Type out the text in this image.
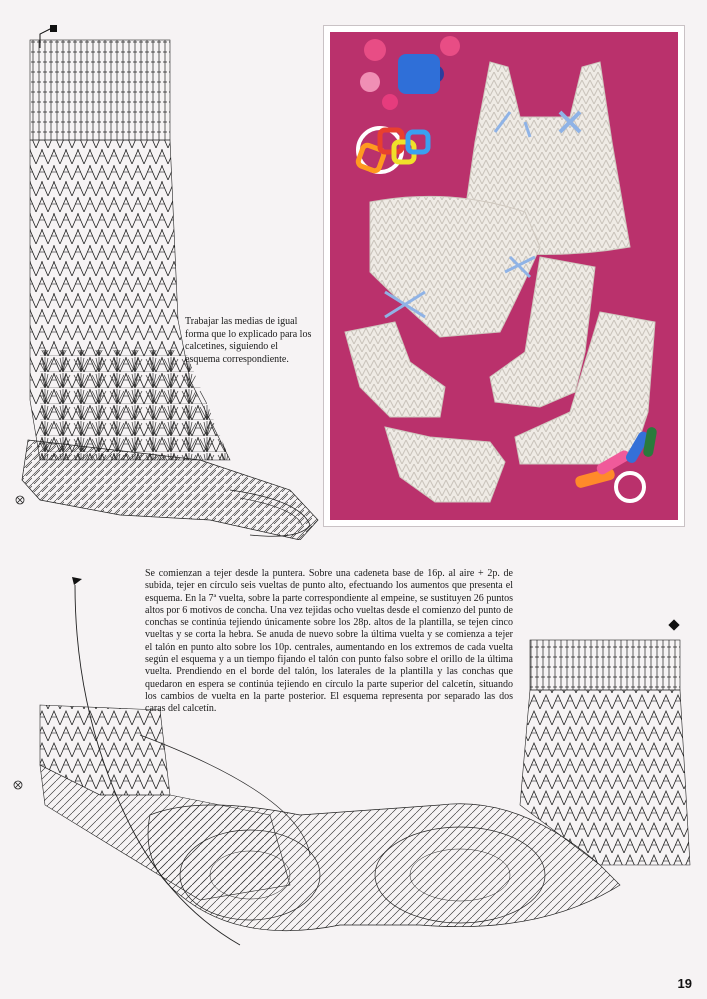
Trabajar las medias de igual forma que lo explicado para los calcetines, siguiendo el esquema correspondiente.
Se comienzan a tejer desde la puntera. Sobre una cadeneta base de 16p. al aire + 2p. de subida, tejer en círculo seis vueltas de punto alto, efectuando los aumentos que presenta el esquema. En la 7ª vuelta, sobre la parte correspondiente al empeine, se sustituyen 26 puntos altos por 6 motivos de concha. Una vez tejidas ocho vueltas desde el comienzo del punto de conchas se continúa tejiendo únicamente sobre los 28p. altos de la plantilla, se tejen cinco vueltas y se corta la hebra. Se anuda de nuevo sobre la última vuelta y se comienza a tejer el talón en punto alto sobre los 10p. centrales, aumentando en los extremos de cada vuelta según el esquema y a un tiempo fijando el talón con punto falso sobre el orillo de la última vuelta. Prendiendo en el borde del talón, los laterales de la plantilla y las conchas que quedaron en espera se continúa tejiendo en círculo la parte superior del calcetín, situando los cambios de vuelta en la parte posterior. El esquema representa por separado las dos caras del calcetín.
19
